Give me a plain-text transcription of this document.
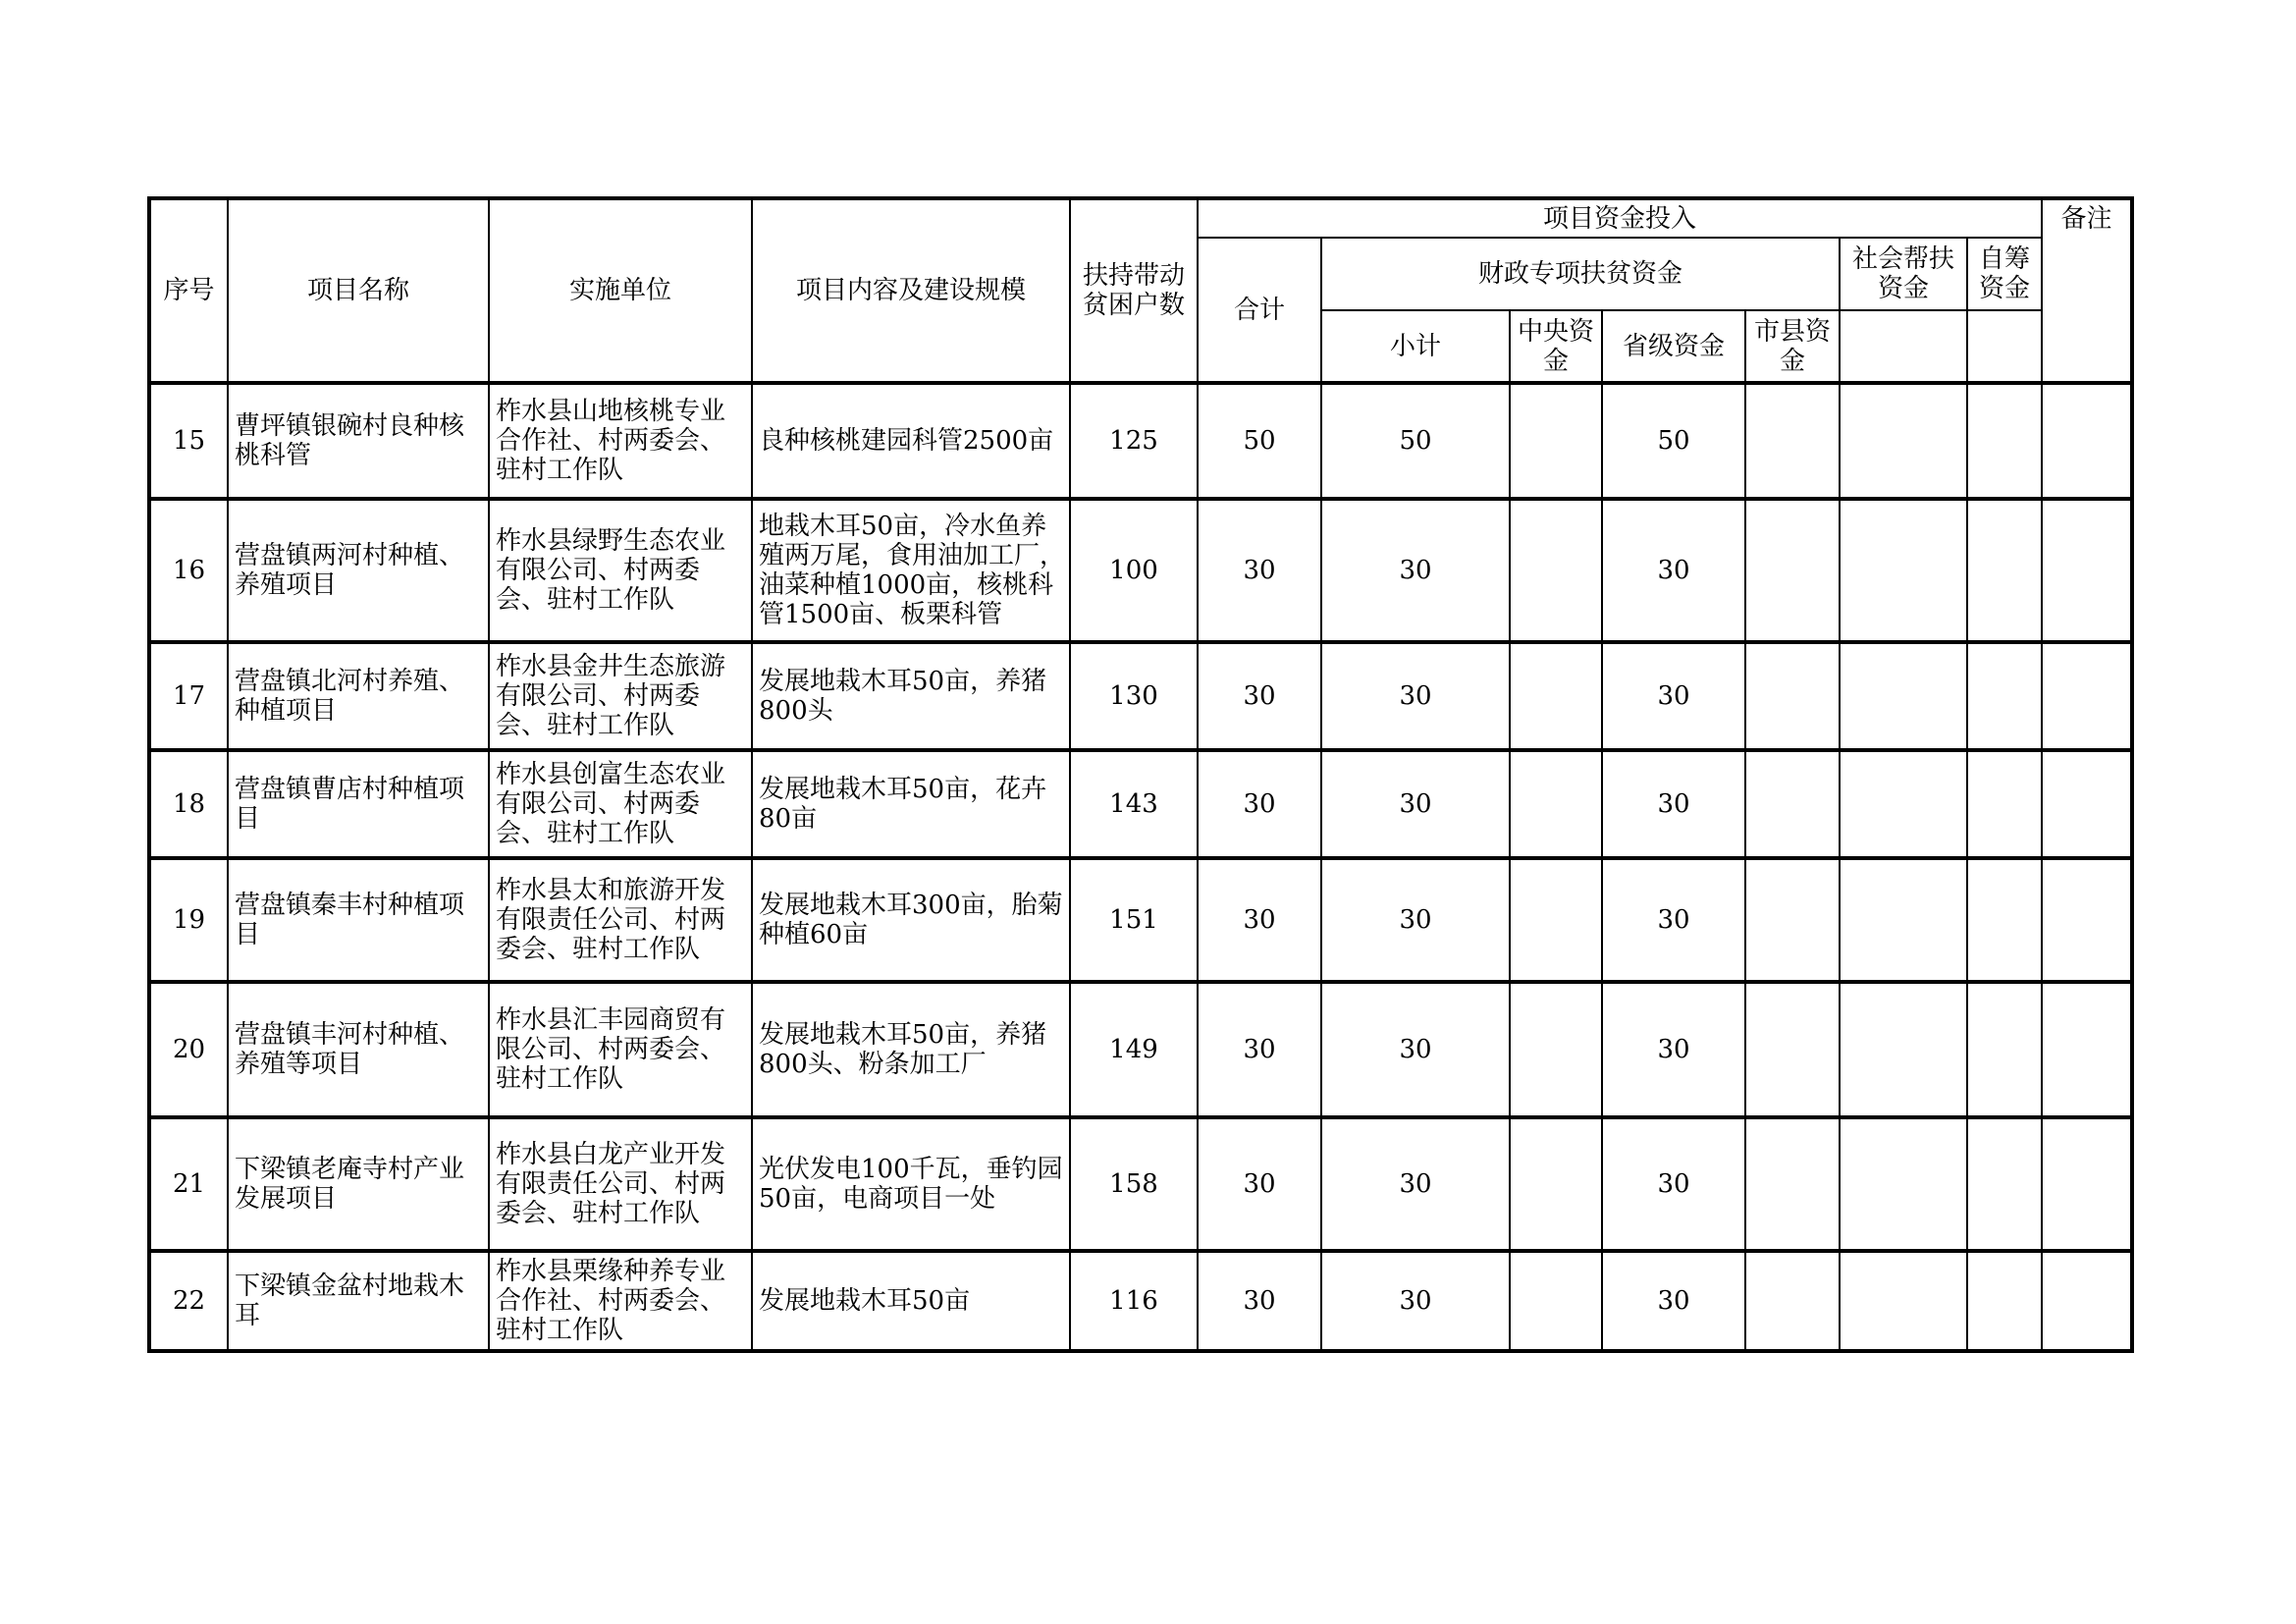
序号	项目名称	实施单位	项目内容及建设规模	扶持带动贫困户数	项目资金投入							备注
					合计	财政专项扶贫资金				社会帮扶资金	自筹资金	
						小计	中央资金	省级资金	市县资金			
15	曹坪镇银碗村良种核桃科管	柞水县山地核桃专业合作社、村两委会、驻村工作队	良种核桃建园科管2500亩	125	50	50		50				
16	营盘镇两河村种植、养殖项目	柞水县绿野生态农业有限公司、村两委会、驻村工作队	地栽木耳50亩，冷水鱼养殖两万尾，食用油加工厂，油菜种植1000亩，核桃科管1500亩、板栗科管	100	30	30		30				
17	营盘镇北河村养殖、种植项目	柞水县金井生态旅游有限公司、村两委会、驻村工作队	发展地栽木耳50亩，养猪800头	130	30	30		30				
18	营盘镇曹店村种植项目	柞水县创富生态农业有限公司、村两委会、驻村工作队	发展地栽木耳50亩，花卉80亩	143	30	30		30				
19	营盘镇秦丰村种植项目	柞水县太和旅游开发有限责任公司、村两委会、驻村工作队	发展地栽木耳300亩，胎菊种植60亩	151	30	30		30				
20	营盘镇丰河村种植、养殖等项目	柞水县汇丰园商贸有限公司、村两委会、驻村工作队	发展地栽木耳50亩，养猪800头、粉条加工厂	149	30	30		30				
21	下梁镇老庵寺村产业发展项目	柞水县白龙产业开发有限责任公司、村两委会、驻村工作队	光伏发电100千瓦，垂钓园50亩，电商项目一处	158	30	30		30				
22	下梁镇金盆村地栽木耳	柞水县栗缘种养专业合作社、村两委会、驻村工作队	发展地栽木耳50亩	116	30	30		30				
